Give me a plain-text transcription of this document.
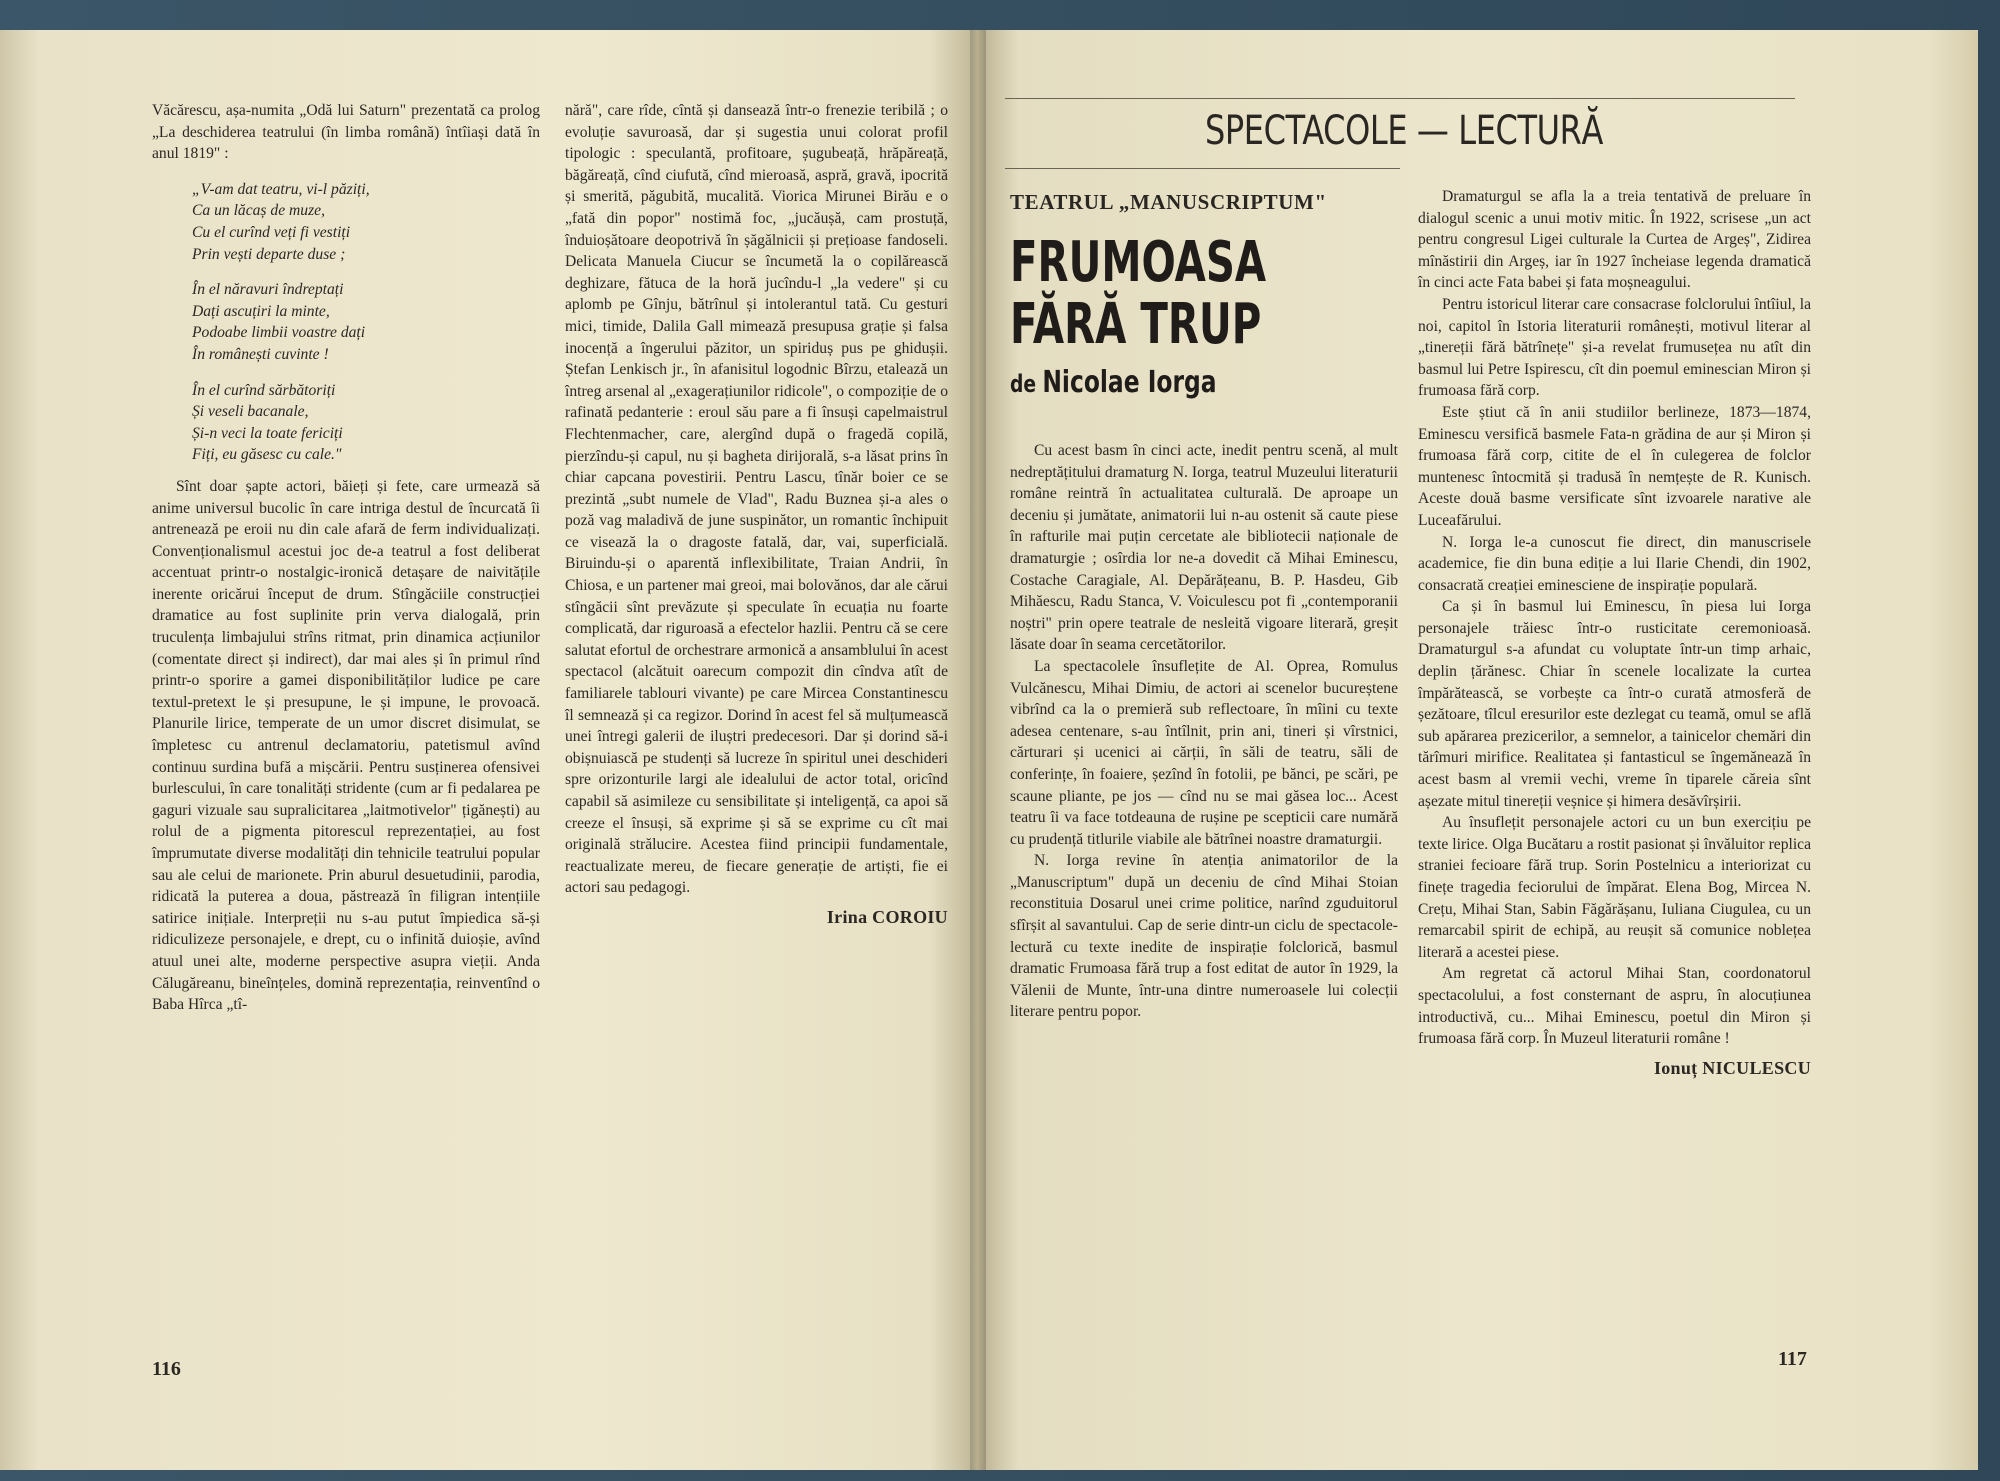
Văcărescu, așa-numita „Odă lui Saturn" prezentată ca prolog „La deschiderea teatrului (în limba română) întîiași dată în anul 1819" :

„V-am dat teatru, vi-l păziți,

Ca un lăcaș de muze,

Cu el curînd veți fi vestiți

Prin vești departe duse ;

În el năravuri îndreptați

Dați ascuțiri la minte,

Podoabe limbii voastre dați

În românești cuvinte !

În el curînd sărbătoriți

Și veseli bacanale,

Și-n veci la toate fericiți

Fiți, eu găsesc cu cale."

Sînt doar șapte actori, băieți și fete, care urmează să anime universul bucolic în care intriga destul de încurcată îi antrenează pe eroii nu din cale afară de ferm individualizați. Convenționalismul acestui joc de-a teatrul a fost deliberat accentuat printr-o nostalgic-ironică detașare de naivitățile inerente oricărui început de drum. Stîngăciile construcției dramatice au fost suplinite prin verva dialogală, prin truculența limbajului strîns ritmat, prin dinamica acțiunilor (comentate direct și indirect), dar mai ales și în primul rînd printr-o sporire a gamei disponibilităților ludice pe care textul-pretext le și presupune, le și impune, le provoacă. Planurile lirice, temperate de un umor discret disimulat, se împletesc cu antrenul declamatoriu, patetismul avînd continuu surdina bufă a mișcării. Pentru susținerea ofensivei burlescului, în care tonalități stridente (cum ar fi pedalarea pe gaguri vizuale sau supralicitarea „laitmotivelor" țigănești) au rolul de a pigmenta pitorescul reprezentației, au fost împrumutate diverse modalități din tehnicile teatrului popular sau ale celui de marionete. Prin aburul desuetudinii, parodia, ridicată la puterea a doua, păstrează în filigran intențiile satirice inițiale. Interpreții nu s-au putut împiedica să-și ridiculizeze personajele, e drept, cu o infinită duioșie, avînd atuul unei alte, moderne perspective asupra vieții. Anda Călugăreanu, bineînțeles, domină reprezentația, reinventînd o Baba Hîrca „tî-

nără", care rîde, cîntă și dansează într-o frenezie teribilă ; o evoluție savuroasă, dar și sugestia unui colorat profil tipologic : speculantă, profitoare, șugubeață, hrăpăreață, băgăreață, cînd ciufută, cînd mieroasă, aspră, gravă, ipocrită și smerită, păgubită, mucalită. Viorica Mirunei Birău e o „fată din popor" nostimă foc, „jucăușă, cam prostuță, înduioșătoare deopotrivă în șăgălnicii și prețioase fandoseli. Delicata Manuela Ciucur se încumetă la o copilărească deghizare, fătuca de la horă jucîndu-l „la vedere" și cu aplomb pe Gînju, bătrînul și intolerantul tată. Cu gesturi mici, timide, Dalila Gall mimează presupusa grație și falsa inocență a îngerului păzitor, un spiriduș pus pe ghidușii. Ștefan Lenkisch jr., în afanisitul logodnic Bîrzu, etalează un întreg arsenal al „exagerațiunilor ridicole", o compoziție de o rafinată pedanterie : eroul său pare a fi însuși capelmaistrul Flechtenmacher, care, alergînd după o fragedă copilă, pierzîndu-și capul, nu și bagheta dirijorală, s-a lăsat prins în chiar capcana povestirii. Pentru Lascu, tînăr boier ce se prezintă „subt numele de Vlad", Radu Buznea și-a ales o poză vag maladivă de june suspinător, un romantic închipuit ce visează la o dragoste fatală, dar, vai, superficială. Biruindu-și o aparentă inflexibilitate, Traian Andrii, în Chiosa, e un partener mai greoi, mai bolovănos, dar ale cărui stîngăcii sînt prevăzute și speculate în ecuația nu foarte complicată, dar riguroasă a efectelor hazlii. Pentru că se cere salutat efortul de orchestrare armonică a ansamblului în acest spectacol (alcătuit oarecum compozit din cîndva atît de familiarele tablouri vivante) pe care Mircea Constantinescu îl semnează și ca regizor. Dorind în acest fel să mulțumească unei întregi galerii de iluștri predecesori. Dar și dorind să-i obișnuiască pe studenți să lucreze în spiritul unei deschideri spre orizonturile largi ale idealului de actor total, oricînd capabil să asimileze cu sensibilitate și inteligență, ca apoi să creeze el însuși, să exprime și să se exprime cu cît mai originală strălucire. Acestea fiind principii fundamentale, reactualizate mereu, de fiecare generație de artiști, fie ei actori sau pedagogi.

Irina COROIU
116
SPECTACOLE — LECTURĂ
TEATRUL „MANUSCRIPTUM"
FRUMOASA
FĂRĂ TRUP
de Nicolae Iorga

Cu acest basm în cinci acte, inedit pentru scenă, al mult nedreptățitului dramaturg N. Iorga, teatrul Muzeului literaturii române reintră în actualitatea culturală. De aproape un deceniu și jumătate, animatorii lui n-au ostenit să caute piese în rafturile mai puțin cercetate ale bibliotecii naționale de dramaturgie ; osîrdia lor ne-a dovedit că Mihai Eminescu, Costache Caragiale, Al. Depărățeanu, B. P. Hasdeu, Gib Mihăescu, Radu Stanca, V. Voiculescu pot fi „contemporanii noștri" prin opere teatrale de nesleită vigoare literară, greșit lăsate doar în seama cercetătorilor.

La spectacolele însuflețite de Al. Oprea, Romulus Vulcănescu, Mihai Dimiu, de actori ai scenelor bucureștene vibrînd ca la o premieră sub reflectoare, în mîini cu texte adesea centenare, s-au întîlnit, prin ani, tineri și vîrstnici, cărturari și ucenici ai cărții, în săli de teatru, săli de conferințe, în foaiere, șezînd în fotolii, pe bănci, pe scări, pe scaune pliante, pe jos — cînd nu se mai găsea loc... Acest teatru îi va face totdeauna de rușine pe scepticii care numără cu prudență titlurile viabile ale bătrînei noastre dramaturgii.

N. Iorga revine în atenția animatorilor de la „Manuscriptum" după un deceniu de cînd Mihai Stoian reconstituia Dosarul unei crime politice, narînd zguduitorul sfîrșit al savantului. Cap de serie dintr-un ciclu de spectacole-lectură cu texte inedite de inspirație folclorică, basmul dramatic Frumoasa fără trup a fost editat de autor în 1929, la Vălenii de Munte, într-una dintre numeroasele lui colecții literare pentru popor.

Dramaturgul se afla la a treia tentativă de preluare în dialogul scenic a unui motiv mitic. În 1922, scrisese „un act pentru congresul Ligei culturale la Curtea de Argeș", Zidirea mînăstirii din Argeș, iar în 1927 încheiase legenda dramatică în cinci acte Fata babei și fata moșneagului.

Pentru istoricul literar care consacrase folclorului întîiul, la noi, capitol în Istoria literaturii românești, motivul literar al „tinereții fără bătrînețe" și-a revelat frumusețea nu atît din basmul lui Petre Ispirescu, cît din poemul eminescian Miron și frumoasa fără corp.

Este știut că în anii studiilor berlineze, 1873—1874, Eminescu versifică basmele Fata-n grădina de aur și Miron și frumoasa fără corp, citite de el în culegerea de folclor muntenesc întocmită și tradusă în nemțește de R. Kunisch. Aceste două basme versificate sînt izvoarele narative ale Luceafărului.

N. Iorga le-a cunoscut fie direct, din manuscrisele academice, fie din buna ediție a lui Ilarie Chendi, din 1902, consacrată creației eminesciene de inspirație populară.

Ca și în basmul lui Eminescu, în piesa lui Iorga personajele trăiesc într-o rusticitate ceremonioasă. Dramaturgul s-a afundat cu voluptate într-un timp arhaic, deplin țărănesc. Chiar în scenele localizate la curtea împărătească, se vorbește ca într-o curată atmosferă de șezătoare, tîlcul eresurilor este dezlegat cu teamă, omul se află sub apărarea prezicerilor, a semnelor, a tainicelor chemări din tărîmuri mirifice. Realitatea și fantasticul se îngemănează în acest basm al vremii vechi, vreme în tiparele căreia sînt așezate mitul tinereții veșnice și himera desăvîrșirii.

Au însuflețit personajele actori cu un bun exercițiu pe texte lirice. Olga Bucătaru a rostit pasionat și învăluitor replica straniei fecioare fără trup. Sorin Postelnicu a interiorizat cu finețe tragedia feciorului de împărat. Elena Bog, Mircea N. Crețu, Mihai Stan, Sabin Făgărășanu, Iuliana Ciugulea, cu un remarcabil spirit de echipă, au reușit să comunice noblețea literară a acestei piese.

Am regretat că actorul Mihai Stan, coordonatorul spectacolului, a fost consternant de aspru, în alocuțiunea introductivă, cu... Mihai Eminescu, poetul din Miron și frumoasa fără corp. În Muzeul literaturii române !

Ionuț NICULESCU
117
